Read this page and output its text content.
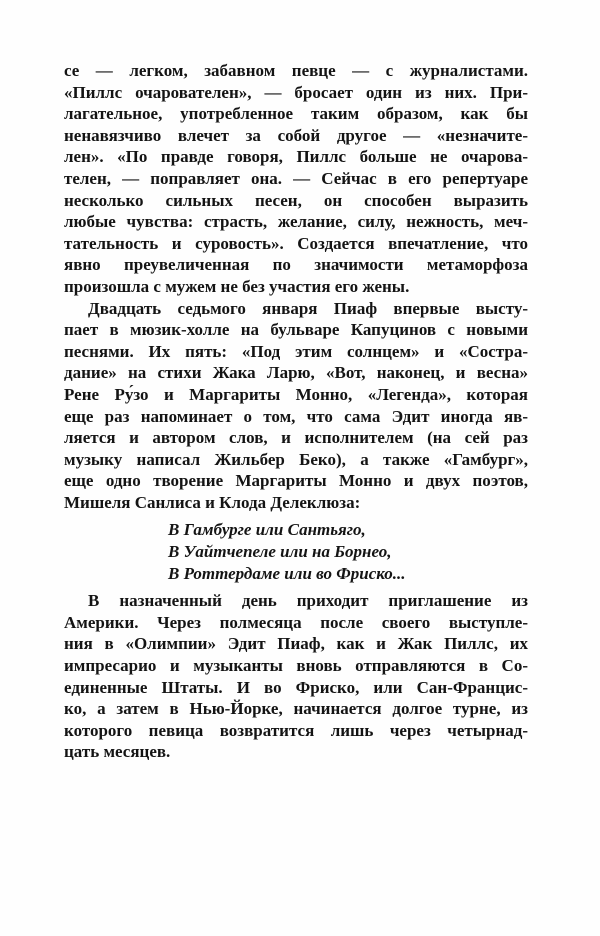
се — легком, забавном певце — с журналистами.
«Пиллс очарователен», — бросает один из них. При-
лагательное, употребленное таким образом, как бы
ненавязчиво влечет за собой другое — «незначите-
лен». «По правде говоря, Пиллс больше не очарова-
телен, — поправляет она. — Сейчас в его репертуаре
несколько сильных песен, он способен выразить
любые чувства: страсть, желание, силу, нежность, меч-
тательность и суровость». Создается впечатление, что
явно преувеличенная по значимости метаморфоза
произошла с мужем не без участия его жены.
Двадцать седьмого января Пиаф впервые высту-
пает в мюзик-холле на бульваре Капуцинов с новыми
песнями. Их пять: «Под этим солнцем» и «Состра-
дание» на стихи Жака Ларю, «Вот, наконец, и весна»
Рене Ру́зо и Маргариты Монно, «Легенда», которая
еще раз напоминает о том, что сама Эдит иногда яв-
ляется и автором слов, и исполнителем (на сей раз
музыку написал Жильбер Беко), а также «Гамбург»,
еще одно творение Маргариты Монно и двух поэтов,
Мишеля Санлиса и Клода Делеклюза:
В Гамбурге или Сантьяго,
В Уайтчепеле или на Борнео,
В Роттердаме или во Фриско...
В назначенный день приходит приглашение из
Америки. Через полмесяца после своего выступле-
ния в «Олимпии» Эдит Пиаф, как и Жак Пиллс, их
импресарио и музыканты вновь отправляются в Со-
единенные Штаты. И во Фриско, или Сан-Францис-
ко, а затем в Нью-Йорке, начинается долгое турне, из
которого певица возвратится лишь через четырнад-
цать месяцев.
